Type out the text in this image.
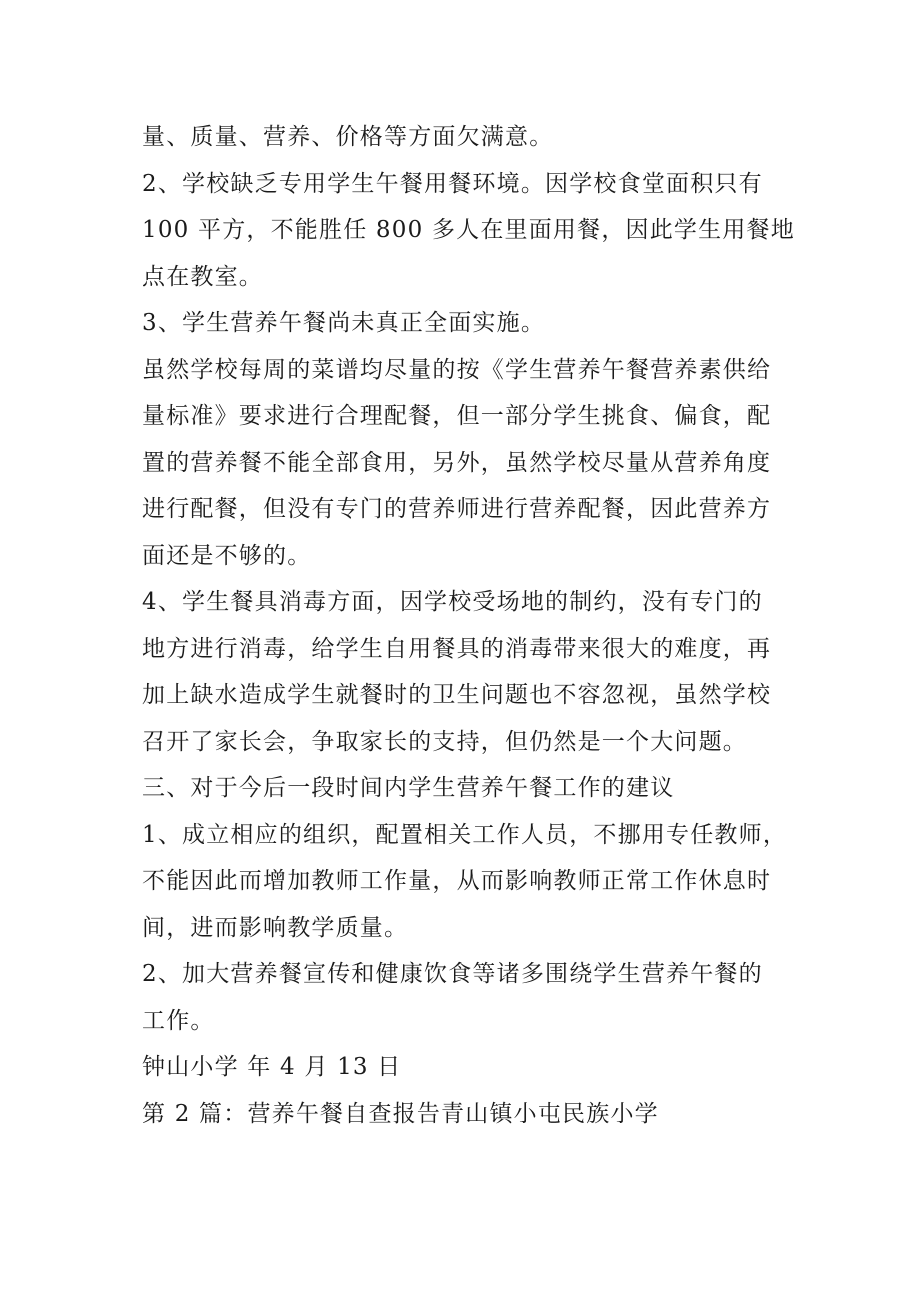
量、质量、营养、价格等方面欠满意。
2、学校缺乏专用学生午餐用餐环境。因学校食堂面积只有
100 平方，不能胜任 800 多人在里面用餐，因此学生用餐地
点在教室。
3、学生营养午餐尚未真正全面实施。
虽然学校每周的菜谱均尽量的按《学生营养午餐营养素供给
量标准》要求进行合理配餐，但一部分学生挑食、偏食，配
置的营养餐不能全部食用，另外，虽然学校尽量从营养角度
进行配餐，但没有专门的营养师进行营养配餐，因此营养方
面还是不够的。
4、学生餐具消毒方面，因学校受场地的制约，没有专门的
地方进行消毒，给学生自用餐具的消毒带来很大的难度，再
加上缺水造成学生就餐时的卫生问题也不容忽视，虽然学校
召开了家长会，争取家长的支持，但仍然是一个大问题。
三、对于今后一段时间内学生营养午餐工作的建议
1、成立相应的组织，配置相关工作人员，不挪用专任教师，
不能因此而增加教师工作量，从而影响教师正常工作休息时
间，进而影响教学质量。
2、加大营养餐宣传和健康饮食等诸多围绕学生营养午餐的
工作。
钟山小学 年 4 月 13 日
第 2 篇：营养午餐自查报告青山镇小屯民族小学
